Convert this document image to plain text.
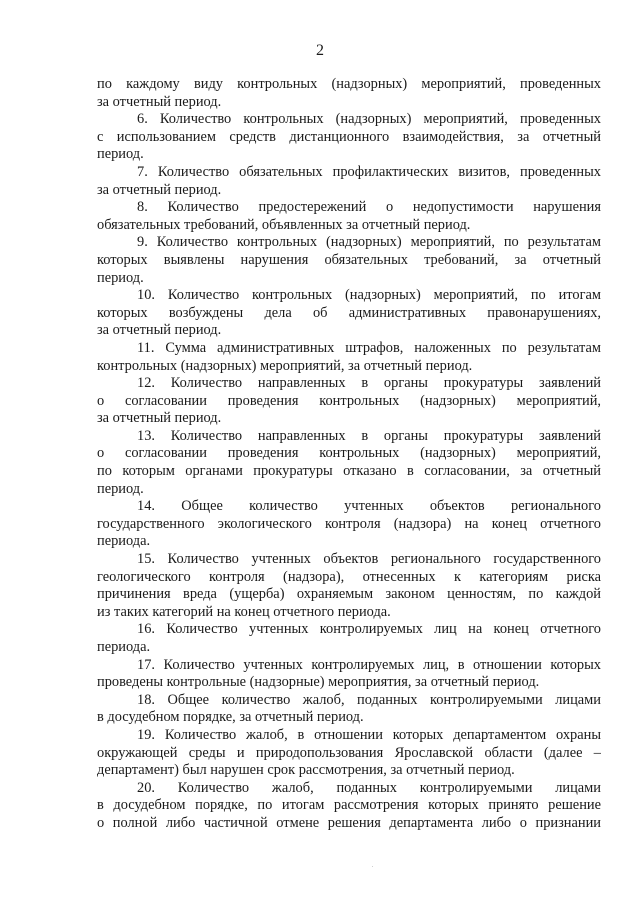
2
по каждому виду контрольных (надзорных) мероприятий, проведенных
за отчетный период.
6. Количество контрольных (надзорных) мероприятий, проведенных
с использованием средств дистанционного взаимодействия, за отчетный
период.
7. Количество обязательных профилактических визитов, проведенных
за отчетный период.
8. Количество предостережений о недопустимости нарушения
обязательных требований, объявленных за отчетный период.
9. Количество контрольных (надзорных) мероприятий, по результатам
которых выявлены нарушения обязательных требований, за отчетный
период.
10. Количество контрольных (надзорных) мероприятий, по итогам
которых возбуждены дела об административных правонарушениях,
за отчетный период.
11. Сумма административных штрафов, наложенных по результатам
контрольных (надзорных) мероприятий, за отчетный период.
12. Количество направленных в органы прокуратуры заявлений
о согласовании проведения контрольных (надзорных) мероприятий,
за отчетный период.
13. Количество направленных в органы прокуратуры заявлений
о согласовании проведения контрольных (надзорных) мероприятий,
по которым органами прокуратуры отказано в согласовании, за отчетный
период.
14. Общее количество учтенных объектов регионального
государственного экологического контроля (надзора) на конец отчетного
периода.
15. Количество учтенных объектов регионального государственного
геологического контроля (надзора), отнесенных к категориям риска
причинения вреда (ущерба) охраняемым законом ценностям, по каждой
из таких категорий на конец отчетного периода.
16. Количество учтенных контролируемых лиц на конец отчетного
периода.
17. Количество учтенных контролируемых лиц, в отношении которых
проведены контрольные (надзорные) мероприятия, за отчетный период.
18. Общее количество жалоб, поданных контролируемыми лицами
в досудебном порядке, за отчетный период.
19. Количество жалоб, в отношении которых департаментом охраны
окружающей среды и природопользования Ярославской области (далее –
департамент) был нарушен срок рассмотрения, за отчетный период.
20. Количество жалоб, поданных контролируемыми лицами
в досудебном порядке, по итогам рассмотрения которых принято решение
о полной либо частичной отмене решения департамента либо о признании
